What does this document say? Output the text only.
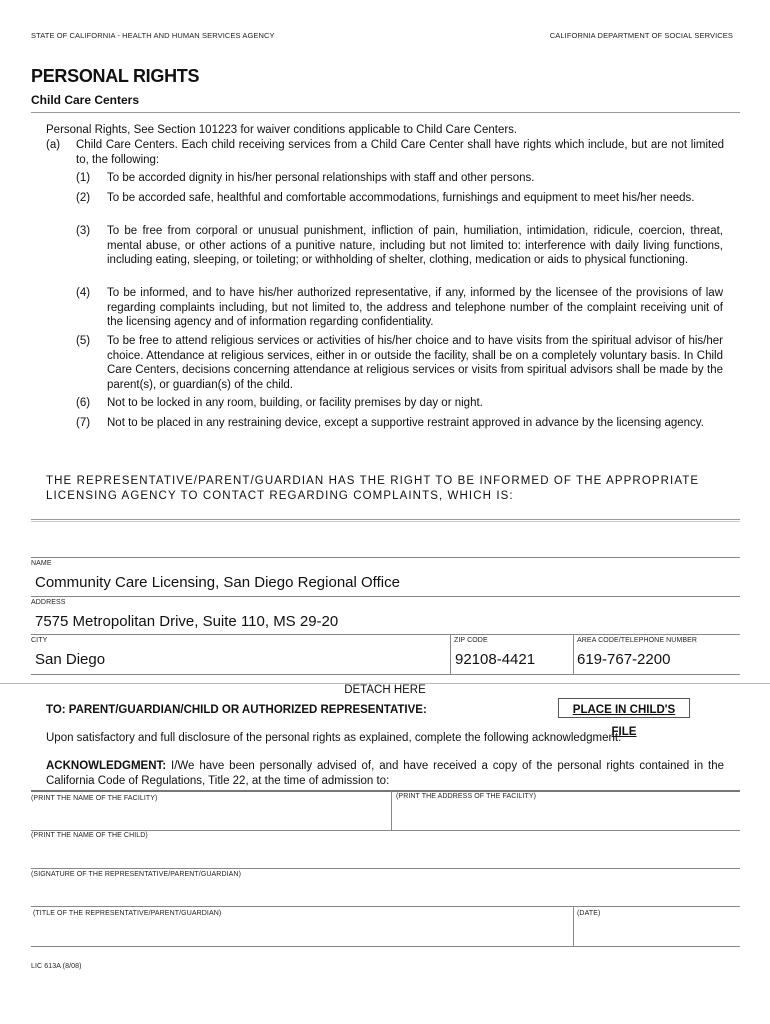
STATE OF CALIFORNIA - HEALTH AND HUMAN SERVICES AGENCY	CALIFORNIA DEPARTMENT OF SOCIAL SERVICES
PERSONAL RIGHTS
Child Care Centers
Personal Rights, See Section 101223 for waiver conditions applicable to Child Care Centers.
(a) Child Care Centers. Each child receiving services from a Child Care Center shall have rights which include, but are not limited to, the following:
(1)	To be accorded dignity in his/her personal relationships with staff and other persons.
(2)	To be accorded safe, healthful and comfortable accommodations, furnishings and equipment to meet his/her needs.
(3)	To be free from corporal or unusual punishment, infliction of pain, humiliation, intimidation, ridicule, coercion, threat, mental abuse, or other actions of a punitive nature, including but not limited to: interference with daily living functions, including eating, sleeping, or toileting; or withholding of shelter, clothing, medication or aids to physical functioning.
(4)	To be informed, and to have his/her authorized representative, if any, informed by the licensee of the provisions of law regarding complaints including, but not limited to, the address and telephone number of the complaint receiving unit of the licensing agency and of information regarding confidentiality.
(5)	To be free to attend religious services or activities of his/her choice and to have visits from the spiritual advisor of his/her choice. Attendance at religious services, either in or outside the facility, shall be on a completely voluntary basis. In Child Care Centers, decisions concerning attendance at religious services or visits from spiritual advisors shall be made by the parent(s), or guardian(s) of the child.
(6)	Not to be locked in any room, building, or facility premises by day or night.
(7)	Not to be placed in any restraining device, except a supportive restraint approved in advance by the licensing agency.
THE REPRESENTATIVE/PARENT/GUARDIAN HAS THE RIGHT TO BE INFORMED OF THE APPROPRIATE LICENSING AGENCY TO CONTACT REGARDING COMPLAINTS, WHICH IS:
NAME
Community Care Licensing, San Diego Regional Office
ADDRESS
7575 Metropolitan Drive, Suite 110, MS 29-20
CITY
San Diego
ZIP CODE
92108-4421
AREA CODE/TELEPHONE NUMBER
619-767-2200
DETACH HERE
TO: PARENT/GUARDIAN/CHILD OR AUTHORIZED REPRESENTATIVE:	PLACE IN CHILD'S FILE
Upon satisfactory and full disclosure of the personal rights as explained, complete the following acknowledgment:
ACKNOWLEDGMENT: I/We have been personally advised of, and have received a copy of the personal rights contained in the California Code of Regulations, Title 22, at the time of admission to:
(PRINT THE NAME OF THE FACILITY)	(PRINT THE ADDRESS OF THE FACILITY)
(PRINT THE NAME OF THE CHILD)
(SIGNATURE OF THE REPRESENTATIVE/PARENT/GUARDIAN)
(TITLE OF THE REPRESENTATIVE/PARENT/GUARDIAN)	(DATE)
LIC 613A (8/08)
